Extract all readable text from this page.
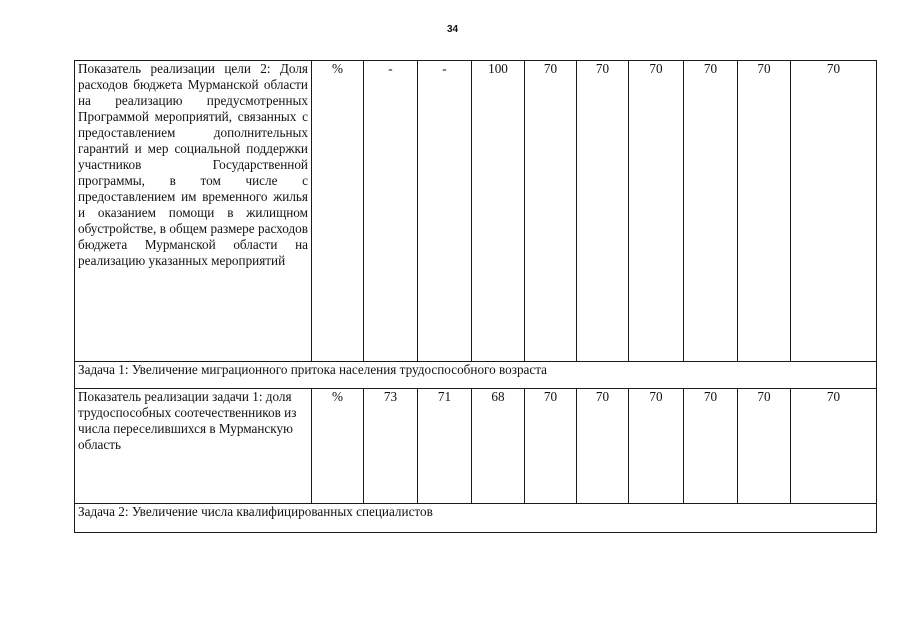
34
Показатель реализации цели 2: Доля расходов бюджета Мурманской области на реализацию предусмотренных Программой мероприятий, связанных с предоставлением дополнительных гарантий и мер социальной поддержки участников Государственной программы, в том числе с предоставлением им временного жилья и оказанием помощи в жилищном обустройстве, в общем размере расходов бюджета Мурманской области на реализацию указанных мероприятий	%	-	-	100	70	70	70	70	70	70
Задача 1: Увеличение миграционного притока населения трудоспособного возраста										
Показатель реализации задачи 1: доля трудоспособных соотечественников из числа переселившихся в Мурманскую область	%	73	71	68	70	70	70	70	70	70
Задача 2: Увеличение числа квалифицированных специалистов										
